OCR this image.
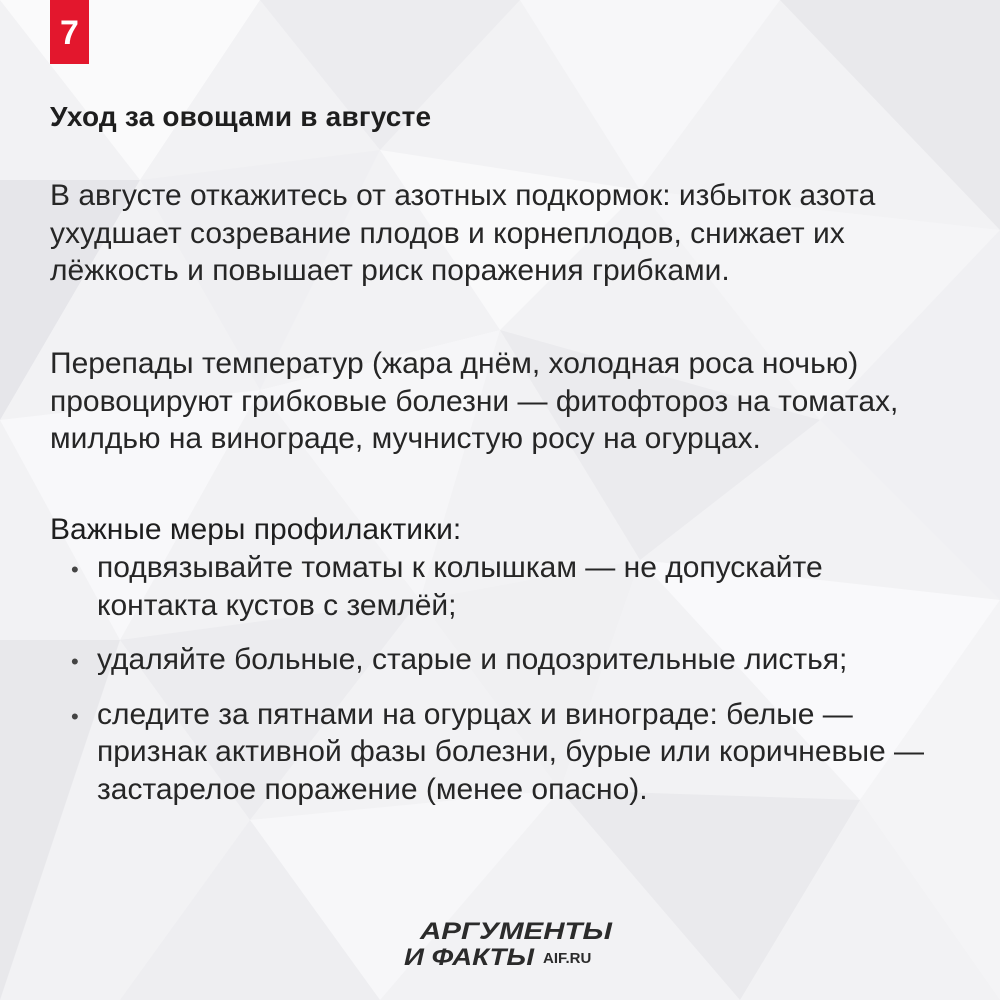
7
Уход за овощами в августе

В августе откажитесь от азотных подкормок: избыток азота ухудшает созревание плодов и корнеплодов, снижает их лёжкость и повышает риск поражения грибками.

Перепады температур (жара днём, холодная роса ночью) провоцируют грибковые болезни — фитофтороз на томатах, милдью на винограде, мучнистую росу на огурцах.

Важные меры профилактики:

• подвязывайте томаты к колышкам — не допускайте контакта кустов с землёй;
• удаляйте больные, старые и подозрительные листья;
• следите за пятнами на огурцах и винограде: белые — признак активной фазы болезни, бурые или коричневые — застарелое поражение (менее опасно).
АРГУМЕНТЫ
И ФАКТЫ AIF.RU
